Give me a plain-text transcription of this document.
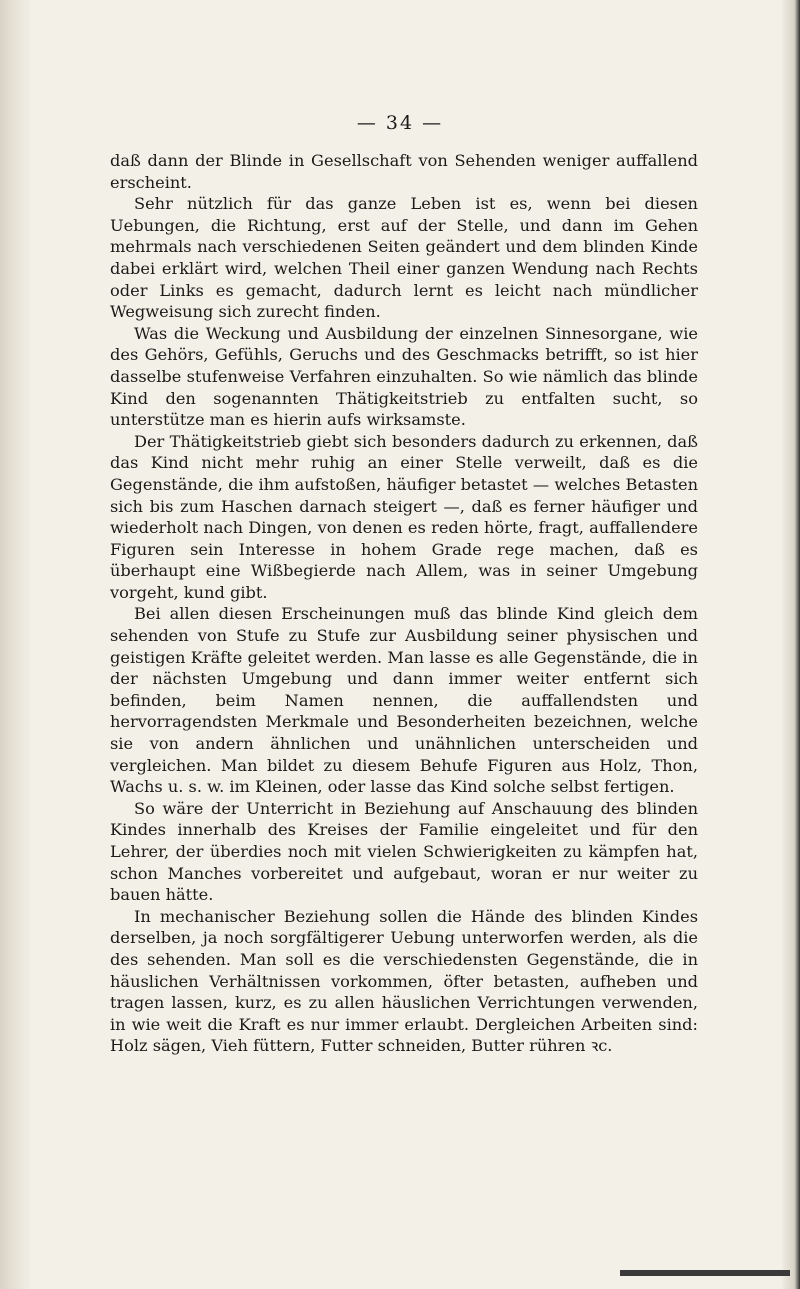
— 34 —

daß dann der Blinde in Gesellschaft von Sehenden weniger auffallend erscheint.

Sehr nützlich für das ganze Leben ist es, wenn bei diesen Uebungen, die Richtung, erst auf der Stelle, und dann im Gehen mehrmals nach verschiedenen Seiten geändert und dem blinden Kinde dabei erklärt wird, welchen Theil einer ganzen Wendung nach Rechts oder Links es gemacht, dadurch lernt es leicht nach mündlicher Wegweisung sich zurecht finden.

Was die Weckung und Ausbildung der einzelnen Sinnesorgane, wie des Gehörs, Gefühls, Geruchs und des Geschmacks betrifft, so ist hier dasselbe stufenweise Verfahren einzuhalten. So wie nämlich das blinde Kind den sogenannten Thätigkeitstrieb zu entfalten sucht, so unterstütze man es hierin aufs wirksamste.

Der Thätigkeitstrieb giebt sich besonders dadurch zu erkennen, daß das Kind nicht mehr ruhig an einer Stelle verweilt, daß es die Gegenstände, die ihm aufstoßen, häufiger betastet — welches Betasten sich bis zum Haschen darnach steigert —, daß es ferner häufiger und wiederholt nach Dingen, von denen es reden hörte, fragt, auffallendere Figuren sein Interesse in hohem Grade rege machen, daß es überhaupt eine Wißbegierde nach Allem, was in seiner Umgebung vorgeht, kund gibt.

Bei allen diesen Erscheinungen muß das blinde Kind gleich dem sehenden von Stufe zu Stufe zur Ausbildung seiner physischen und geistigen Kräfte geleitet werden. Man lasse es alle Gegenstände, die in der nächsten Umgebung und dann immer weiter entfernt sich befinden, beim Namen nennen, die auffallendsten und hervorragendsten Merkmale und Besonderheiten bezeichnen, welche sie von andern ähnlichen und unähnlichen unterscheiden und vergleichen. Man bildet zu diesem Behufe Figuren aus Holz, Thon, Wachs u. s. w. im Kleinen, oder lasse das Kind solche selbst fertigen.

So wäre der Unterricht in Beziehung auf Anschauung des blinden Kindes innerhalb des Kreises der Familie eingeleitet und für den Lehrer, der überdies noch mit vielen Schwierigkeiten zu kämpfen hat, schon Manches vorbereitet und aufgebaut, woran er nur weiter zu bauen hätte.

In mechanischer Beziehung sollen die Hände des blinden Kindes derselben, ja noch sorgfältigerer Uebung unterworfen werden, als die des sehenden. Man soll es die verschiedensten Gegenstände, die in häuslichen Verhältnissen vorkommen, öfter betasten, aufheben und tragen lassen, kurz, es zu allen häuslichen Verrichtungen verwenden, in wie weit die Kraft es nur immer erlaubt. Dergleichen Arbeiten sind: Holz sägen, Vieh füttern, Futter schneiden, Butter rühren ꝛc.
